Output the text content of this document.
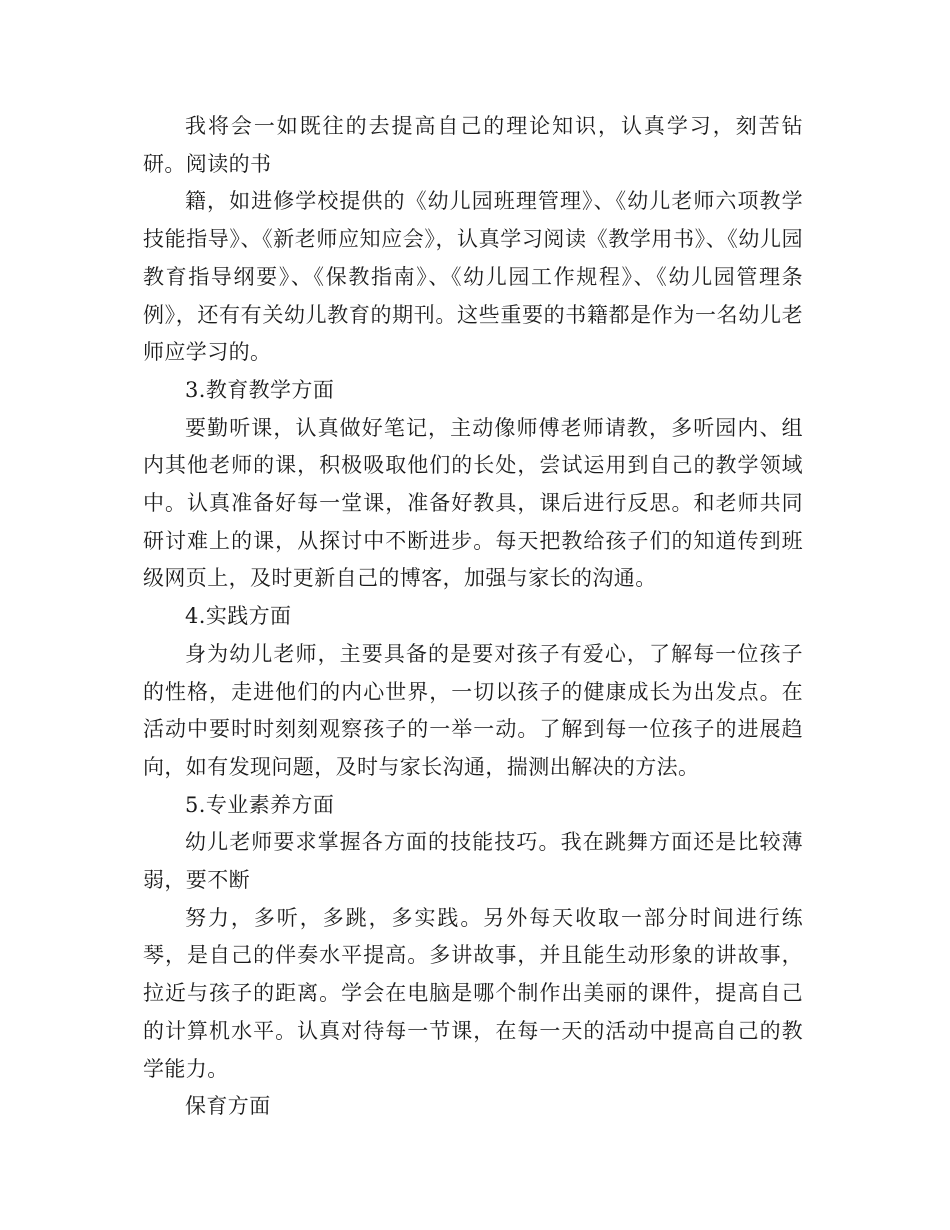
我将会一如既往的去提高自己的理论知识，认真学习，刻苦钻研。阅读的书

籍，如进修学校提供的《幼儿园班理管理》、《幼儿老师六项教学技能指导》、《新老师应知应会》，认真学习阅读《教学用书》、《幼儿园教育指导纲要》、《保教指南》、《幼儿园工作规程》、《幼儿园管理条例》，还有有关幼儿教育的期刊。这些重要的书籍都是作为一名幼儿老师应学习的。

3.教育教学方面

要勤听课，认真做好笔记，主动像师傅老师请教，多听园内、组内其他老师的课，积极吸取他们的长处，尝试运用到自己的教学领域中。认真准备好每一堂课，准备好教具，课后进行反思。和老师共同研讨难上的课，从探讨中不断进步。每天把教给孩子们的知道传到班级网页上，及时更新自己的博客，加强与家长的沟通。

4.实践方面

身为幼儿老师，主要具备的是要对孩子有爱心，了解每一位孩子的性格，走进他们的内心世界，一切以孩子的健康成长为出发点。在活动中要时时刻刻观察孩子的一举一动。了解到每一位孩子的进展趋向，如有发现问题，及时与家长沟通，揣测出解决的方法。

5.专业素养方面

幼儿老师要求掌握各方面的技能技巧。我在跳舞方面还是比较薄弱，要不断

努力，多听，多跳，多实践。另外每天收取一部分时间进行练琴，是自己的伴奏水平提高。多讲故事，并且能生动形象的讲故事，拉近与孩子的距离。学会在电脑是哪个制作出美丽的课件，提高自己的计算机水平。认真对待每一节课，在每一天的活动中提高自己的教学能力。

保育方面
